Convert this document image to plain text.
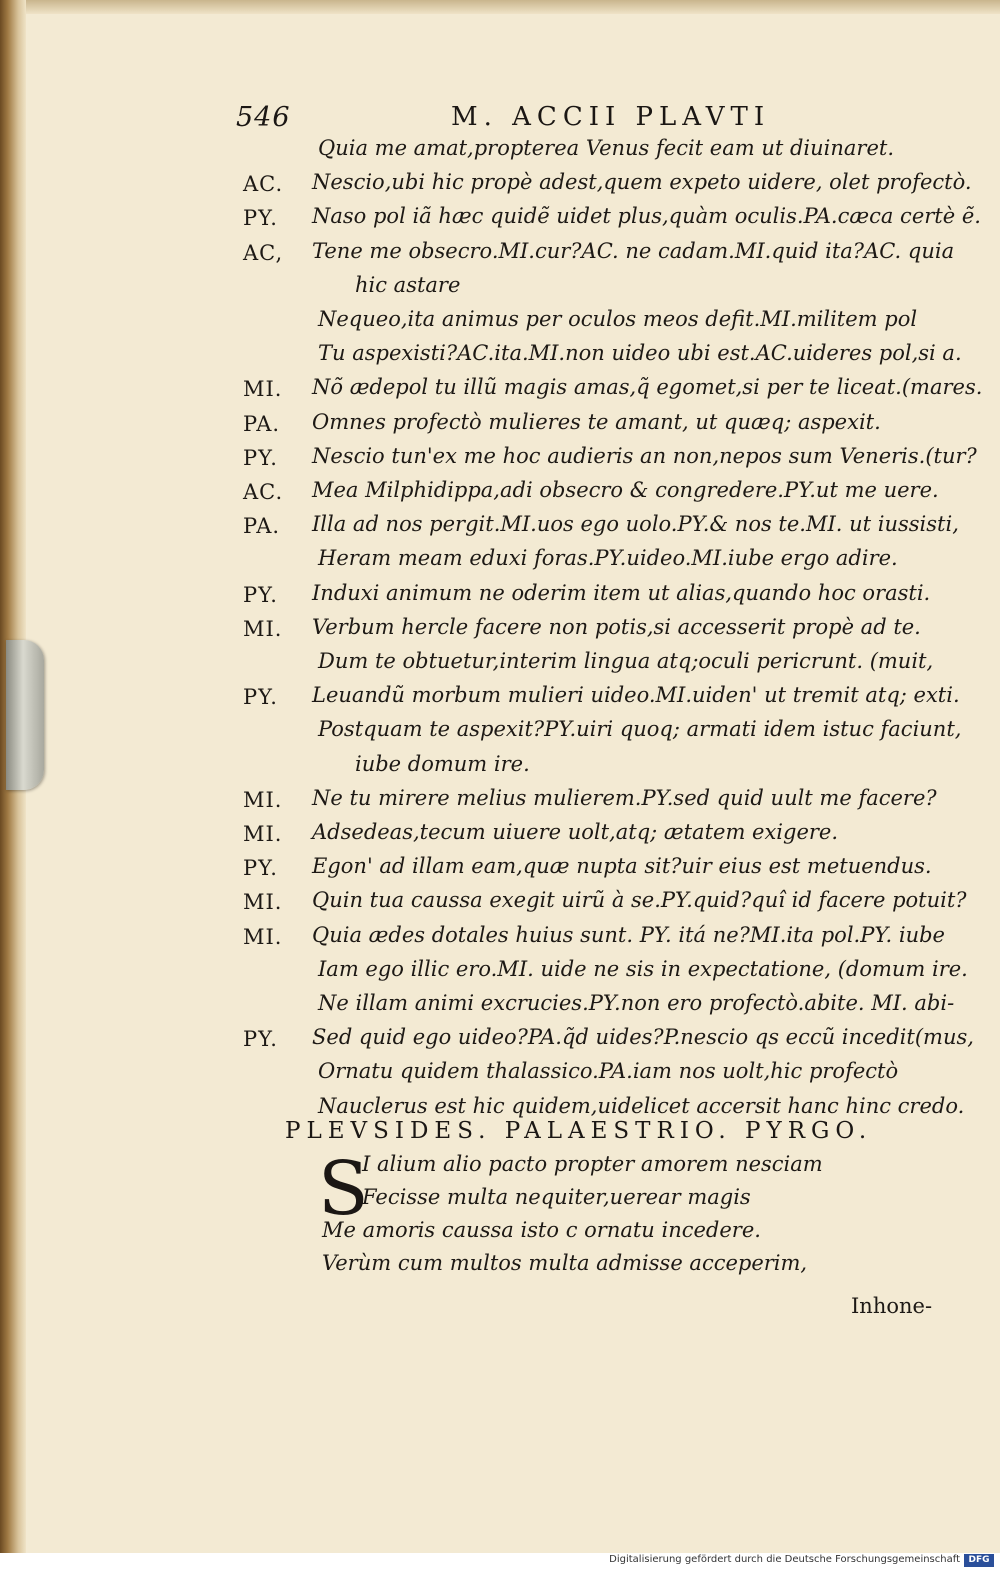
546	M. ACCII PLAVTI
Quia me amat,propterea Venus fecit eam ut diuinaret.
AC. Nescio,ubi hic propè adest,quem expeto uidere, olet profectò.
PY. Naso pol iã hæc quidẽ uidet plus,quàm oculis.PA.cæca certè ẽ.
AC, Tene me obsecro.MI.cur?AC. ne cadam.MI.quid ita?AC. quia
hic astare
Nequeo,ita animus per oculos meos defit.MI.militem pol
Tu aspexisti?AC.ita.MI.non uideo ubi est.AC.uideres pol,si a.
MI. Nõ ædepol tu illũ magis amas,q̃ egomet,si per te liceat.(mares.
PA. Omnes profectò mulieres te amant, ut quæq; aspexit.
PY. Nescio tun'ex me hoc audieris an non,nepos sum Veneris.(tur?
AC. Mea Milphidippa,adi obsecro & congredere.PY.ut me uere.
PA. Illa ad nos pergit.MI.uos ego uolo.PY.& nos te.MI. ut iussisti,
Heram meam eduxi foras.PY.uideo.MI.iube ergo adire.
PY. Induxi animum ne oderim item ut alias,quando hoc orasti.
MI. Verbum hercle facere non potis,si accesserit propè ad te.
Dum te obtuetur,interim lingua atq;oculi pericrunt. (muit,
PY. Leuandũ morbum mulieri uideo.MI.uiden' ut tremit atq; exti.
Postquam te aspexit?PY.uiri quoq; armati idem istuc faciunt,
iube domum ire.
MI. Ne tu mirere melius mulierem.PY.sed quid uult me facere?
MI. Adsedeas,tecum uiuere uolt,atq; ætatem exigere.
PY. Egon' ad illam eam,quæ nupta sit?uir eius est metuendus.
MI. Quin tua caussa exegit uirũ à se.PY.quid?quî id facere potuit?
MI. Quia ædes dotales huius sunt. PY. itá ne?MI.ita pol.PY. iube
Iam ego illic ero.MI. uide ne sis in expectatione, (domum ire.
Ne illam animi excrucies.PY.non ero profectò.abite. MI. abi-
PY. Sed quid ego uideo?PA.q̃d uides?P.nescio qs eccũ incedit(mus,
Ornatu quidem thalassico.PA.iam nos uolt,hic profectò
Nauclerus est hic quidem,uidelicet accersit hanc hinc credo.
PLEVSIDES. PALAESTRIO. PYRGO.
S
I alium alio pacto propter amorem nesciam
Fecisse multa nequiter,uerear magis
Me amoris caussa isto c ornatu incedere.
Verùm cum multos multa admisse acceperim,
Inhone-
Digitalisierung gefördert durch die Deutsche Forschungsgemeinschaft DFG
